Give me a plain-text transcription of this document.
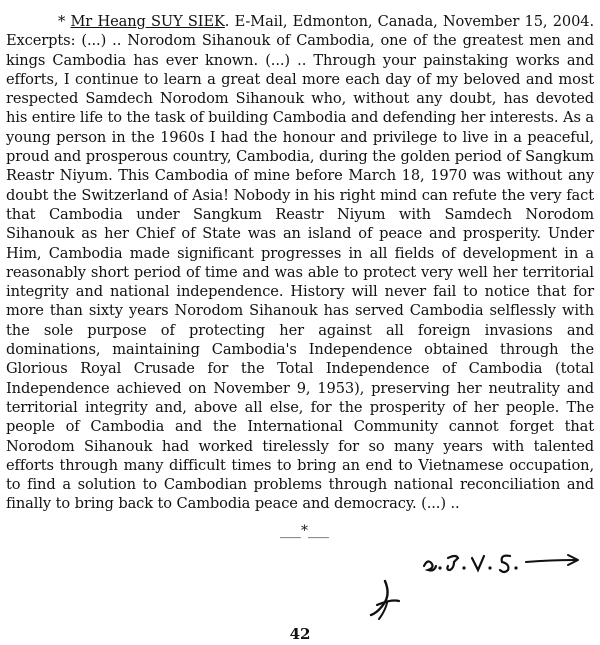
* Mr Heang SUY SIEK. E-Mail, Edmonton, Canada, November 15, 2004. Excerpts: (...) .. Norodom Sihanouk of Cambodia, one of the greatest men and kings Cambodia has ever known. (...) .. Through your painstaking works and efforts, I continue to learn a great deal more each day of my beloved and most respected Samdech Norodom Sihanouk who, without any doubt, has devoted his entire life to the task of building Cambodia and defending her interests. As a young person in the 1960s I had the honour and privilege to live in a peaceful, proud and prosperous country, Cambodia, during the golden period of Sangkum Reastr Niyum. This Cambodia of mine before March 18, 1970 was without any doubt the Switzerland of Asia! Nobody in his right mind can refute the very fact that Cambodia under Sangkum Reastr Niyum with Samdech Norodom Sihanouk as her Chief of State was an island of peace and prosperity. Under Him, Cambodia made significant progresses in all fields of development in a reasonably short period of time and was able to protect very well her territorial integrity and national independence. History will never fail to notice that for more than sixty years Norodom Sihanouk has served Cambodia selflessly with the sole purpose of protecting her against all foreign invasions and dominations, maintaining Cambodia's Independence obtained through the Glorious Royal Crusade for the Total Independence of Cambodia (total Independence achieved on November 9, 1953), preserving her neutrality and territorial integrity and, above all else, for the prosperity of her people. The people of Cambodia and the International Community cannot forget that Norodom Sihanouk had worked tirelessly for so many years with talented efforts through many difficult times to bring an end to Vietnamese occupation, to find a solution to Cambodian problems through national reconciliation and finally to bring back to Cambodia peace and democracy. (...) ..

___*___
42
